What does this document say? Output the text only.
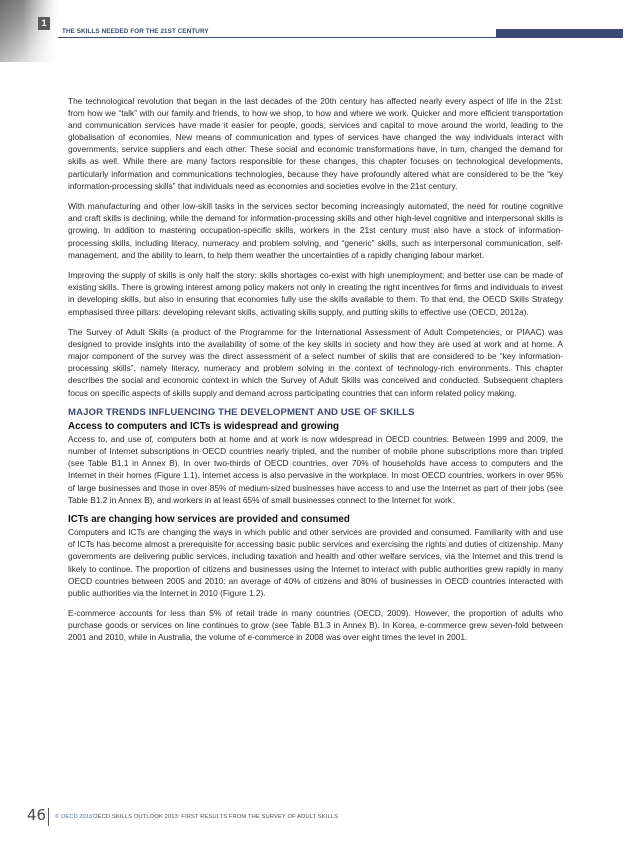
1
THE SKILLS NEEDED FOR THE 21ST CENTURY

The technological revolution that began in the last decades of the 20th century has affected nearly every aspect of life in the 21st: from how we “talk” with our family and friends, to how we shop, to how and where we work. Quicker and more efficient transportation and communication services have made it easier for people, goods, services and capital to move around the world, leading to the globalisation of economies. New means of communication and types of services have changed the way individuals interact with governments, service suppliers and each other. These social and economic transformations have, in turn, changed the demand for skills as well. While there are many factors responsible for these changes, this chapter focuses on technological developments, particularly information and communications technologies, because they have profoundly altered what are considered to be the “key information-processing skills” that individuals need as economies and societies evolve in the 21st century.

With manufacturing and other low-skill tasks in the services sector becoming increasingly automated, the need for routine cognitive and craft skills is declining, while the demand for information-processing skills and other high-level cognitive and interpersonal skills is growing. In addition to mastering occupation-specific skills, workers in the 21st century must also have a stock of information-processing skills, including literacy, numeracy and problem solving, and “generic” skills, such as interpersonal communication, self-management, and the ability to learn, to help them weather the uncertainties of a rapidly changing labour market.

Improving the supply of skills is only half the story: skills shortages co-exist with high unemployment; and better use can be made of existing skills. There is growing interest among policy makers not only in creating the right incentives for firms and individuals to invest in developing skills, but also in ensuring that economies fully use the skills available to them. To that end, the OECD Skills Strategy emphasised three pillars: developing relevant skills, activating skills supply, and putting skills to effective use (OECD, 2012a).

The Survey of Adult Skills (a product of the Programme for the International Assessment of Adult Competencies, or PIAAC) was designed to provide insights into the availability of some of the key skills in society and how they are used at work and at home. A major component of the survey was the direct assessment of a select number of skills that are considered to be “key information-processing skills”, namely literacy, numeracy and problem solving in the context of technology-rich environments. This chapter describes the social and economic context in which the Survey of Adult Skills was conceived and conducted. Subsequent chapters focus on specific aspects of skills supply and demand across participating countries that can inform related policy making.

MAJOR TRENDS INFLUENCING THE DEVELOPMENT AND USE OF SKILLS
Access to computers and ICTs is widespread and growing

Access to, and use of, computers both at home and at work is now widespread in OECD countries. Between 1999 and 2009, the number of Internet subscriptions in OECD countries nearly tripled, and the number of mobile phone subscriptions more than tripled (see Table B1.1 in Annex B). In over two-thirds of OECD countries, over 70% of households have access to computers and the Internet in their homes (Figure 1.1). Internet access is also pervasive in the workplace. In most OECD countries, workers in over 95% of large businesses and those in over 85% of medium-sized businesses have access to and use the Internet as part of their jobs (see Table B1.2 in Annex B), and workers in at least 65% of small businesses connect to the Internet for work.

ICTs are changing how services are provided and consumed

Computers and ICTs are changing the ways in which public and other services are provided and consumed. Familiarity with and use of ICTs has become almost a prerequisite for accessing basic public services and exercising the rights and duties of citizenship. Many governments are delivering public services, including taxation and health and other welfare services, via the Internet and this trend is likely to continue. The proportion of citizens and businesses using the Internet to interact with public authorities grew rapidly in many OECD countries between 2005 and 2010: an average of 40% of citizens and 80% of businesses in OECD countries interacted with public authorities via the Internet in 2010 (Figure 1.2).

E-commerce accounts for less than 5% of retail trade in many countries (OECD, 2009). However, the proportion of adults who purchase goods or services on line continues to grow (see Table B1.3 in Annex B). In Korea, e-commerce grew seven-fold between 2001 and 2010, while in Australia, the volume of e-commerce in 2008 was over eight times the level in 2001.

46 © OECD 2013 OECD SKILLS OUTLOOK 2013: FIRST RESULTS FROM THE SURVEY OF ADULT SKILLS
